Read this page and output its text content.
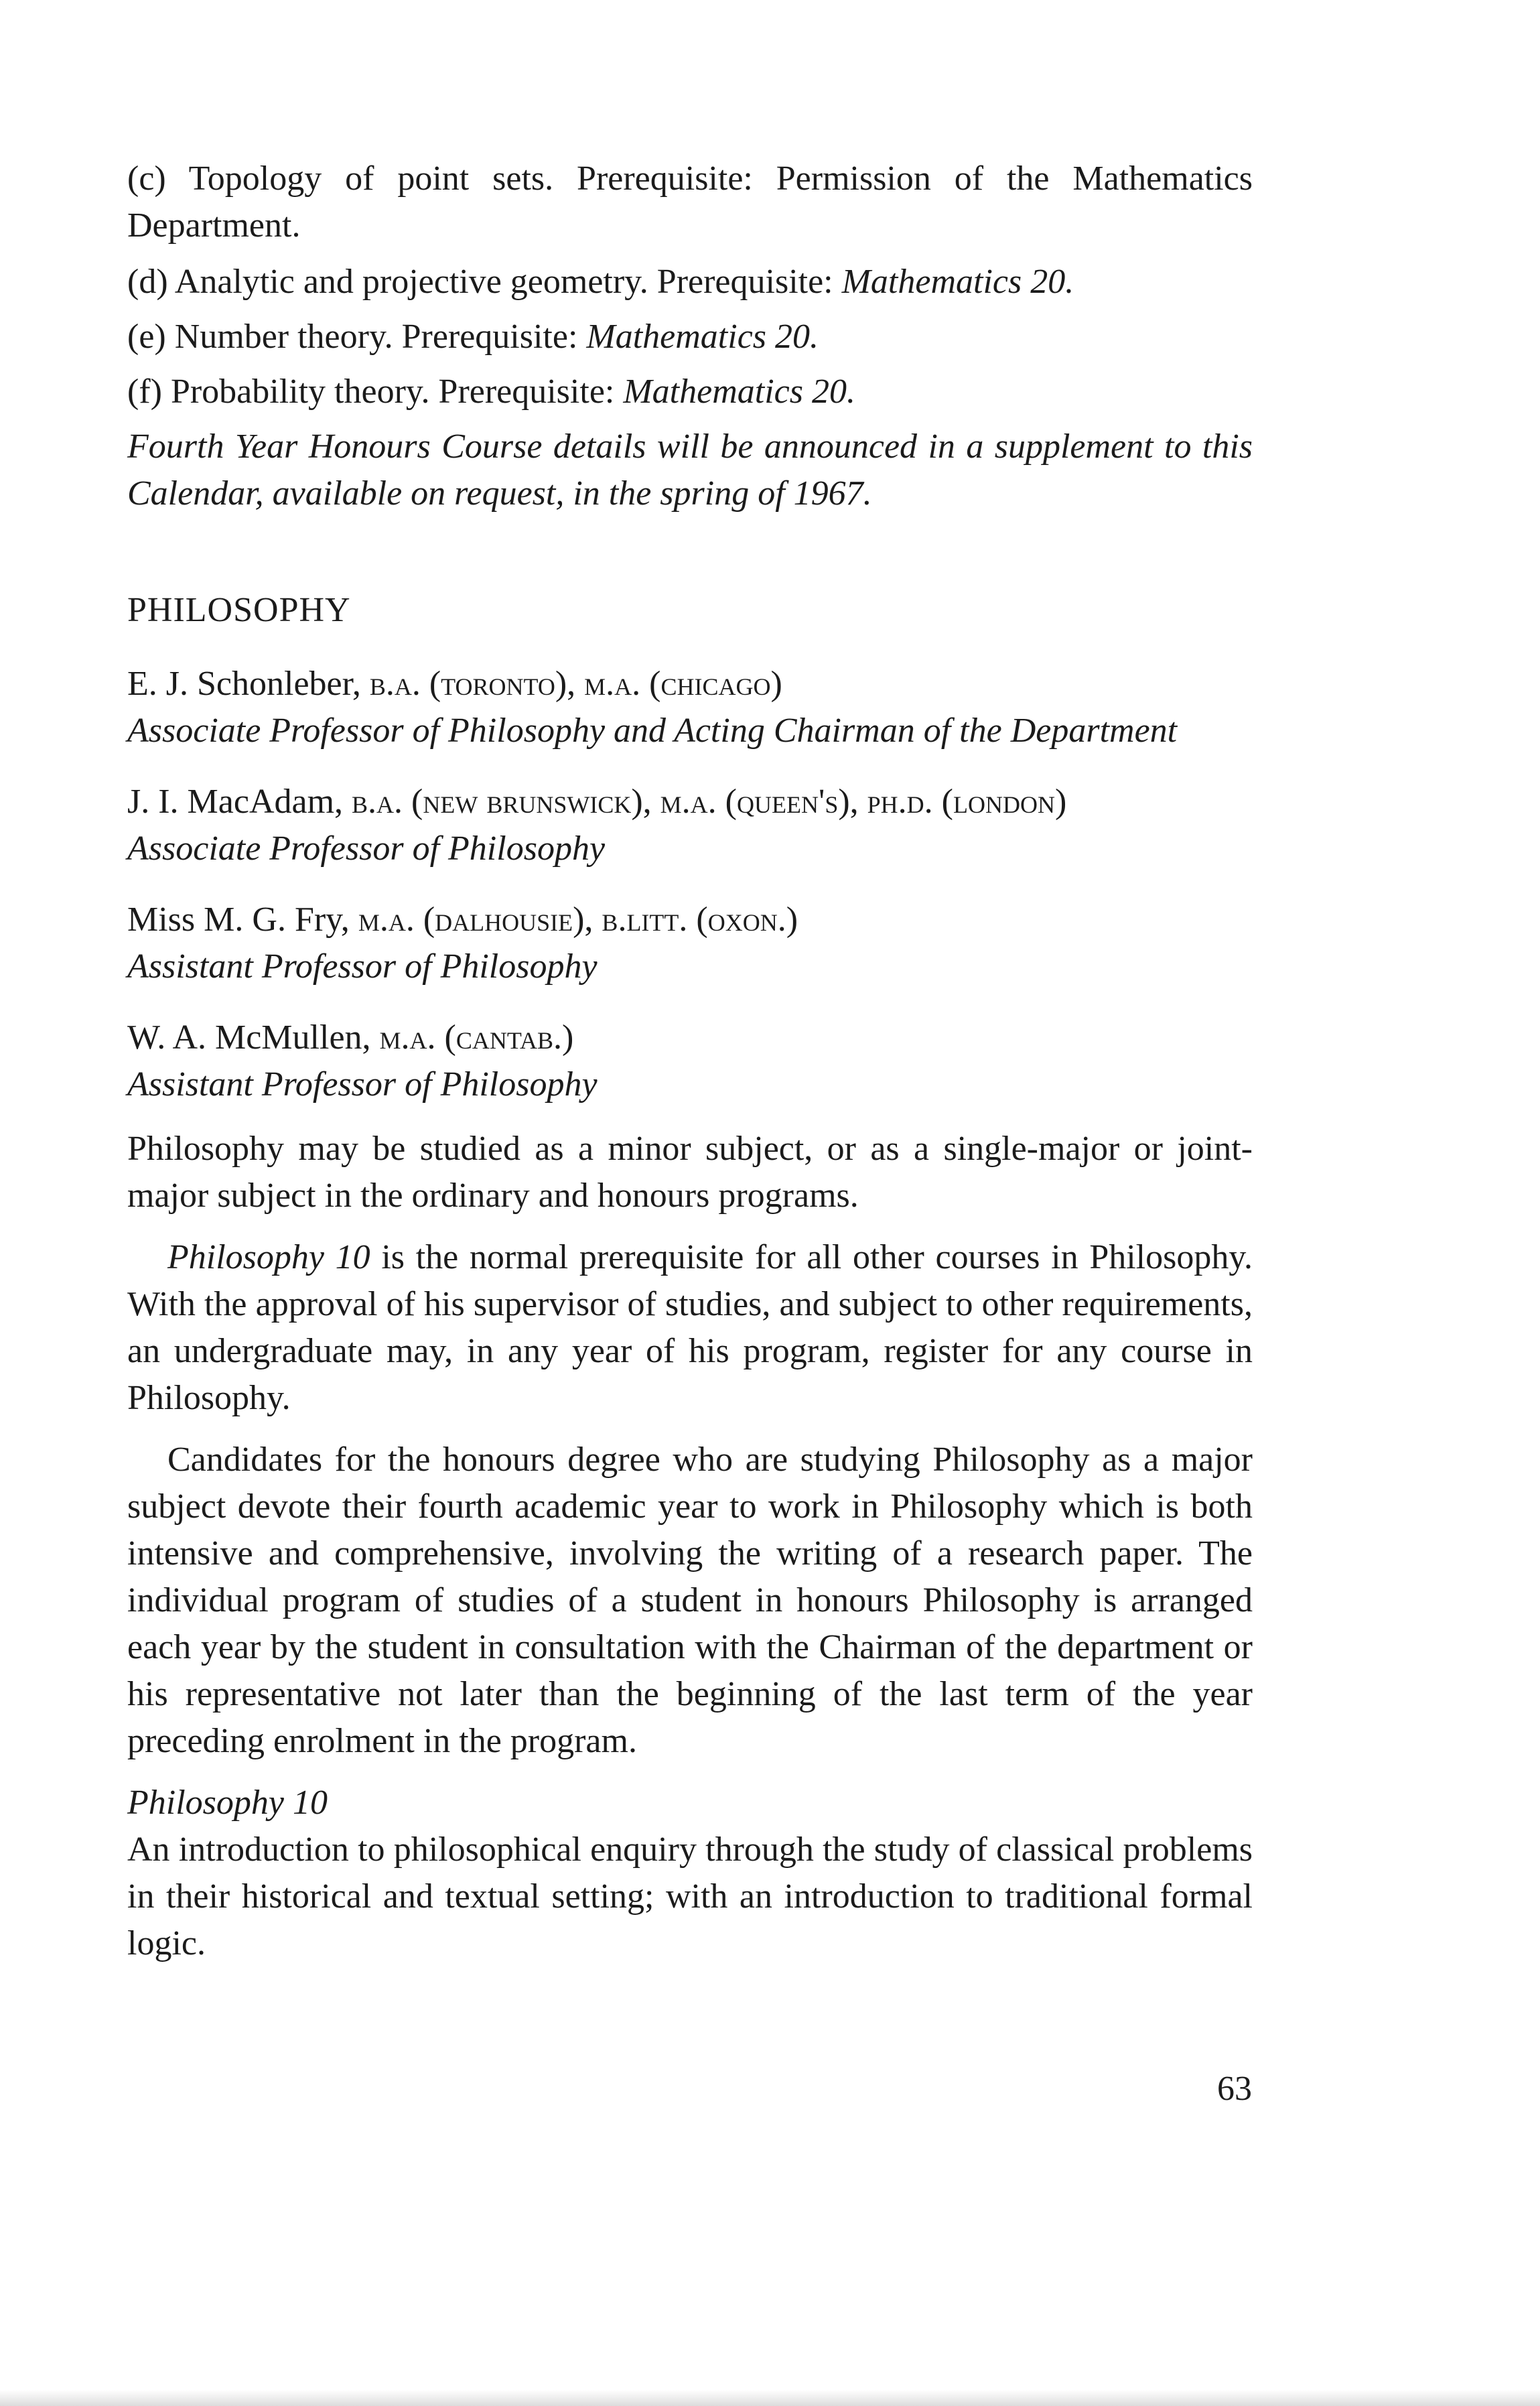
(c) Topology of point sets. Prerequisite: Permission of the Mathematics Department.

(d) Analytic and projective geometry. Prerequisite: Mathematics 20.

(e) Number theory. Prerequisite: Mathematics 20.

(f) Probability theory. Prerequisite: Mathematics 20.

Fourth Year Honours Course details will be announced in a supplement to this Calendar, available on request, in the spring of 1967.

PHILOSOPHY

E. J. Schonleber, b.a. (toronto), m.a. (chicago)

Associate Professor of Philosophy and Acting Chairman of the Department

J. I. MacAdam, b.a. (new brunswick), m.a. (queen's), ph.d. (london)

Associate Professor of Philosophy

Miss M. G. Fry, m.a. (dalhousie), b.litt. (oxon.)

Assistant Professor of Philosophy

W. A. McMullen, m.a. (cantab.)

Assistant Professor of Philosophy

Philosophy may be studied as a minor subject, or as a single-major or joint-major subject in the ordinary and honours programs.

Philosophy 10 is the normal prerequisite for all other courses in Philosophy. With the approval of his supervisor of studies, and subject to other requirements, an undergraduate may, in any year of his program, register for any course in Philosophy.

Candidates for the honours degree who are studying Philosophy as a major subject devote their fourth academic year to work in Philosophy which is both intensive and comprehensive, involving the writing of a research paper. The individual program of studies of a student in honours Philosophy is arranged each year by the student in consultation with the Chairman of the department or his representative not later than the beginning of the last term of the year preceding enrolment in the program.

Philosophy 10

An introduction to philosophical enquiry through the study of classical problems in their historical and textual setting; with an introduction to traditional formal logic.

63
